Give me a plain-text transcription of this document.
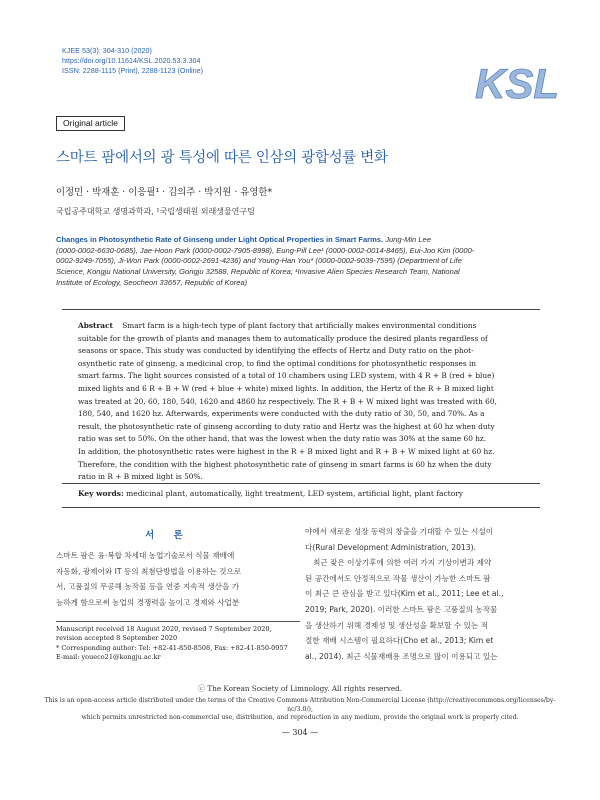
KJEE 53(3): 304-310 (2020)
https://doi.org/10.11614/KSL.2020.53.3.304
ISSN: 2288-1115 (Print), 2288-1123 (Online)	KSL
Original article
스마트 팜에서의 광 특성에 따른 인삼의 광합성률 변화
이정민 · 박재훈 · 이응필¹ · 김의주 · 박지원 · 유영한*
국립공주대학교 생명과학과, ¹국립생태원 외래생물연구팀
Changes in Photosynthetic Rate of Ginseng under Light Optical Properties in Smart Farms. Jung-Min Lee
(0000-0002-6630-0685), Jae-Hoon Park (0000-0002-7905-8998), Eung-Pill Lee¹ (0000-0002-0014-8465), Eui-Joo Kim (0000-
0002-9249-7055), Ji-Won Park (0000-0002-2691-4236) and Young-Han You* (0000-0002-9039-7595) (Department of Life
Science, Kongju National University, Gongju 32588, Republic of Korea; ¹Invasive Alien Species Research Team, National
Institute of Ecology, Seocheon 33657, Republic of Korea)
Abstract Smart farm is a high-tech type of plant factory that artificially makes environmental conditions
suitable for the growth of plants and manages them to automatically produce the desired plants regardless of
seasons or space. This study was conducted by identifying the effects of Hertz and Duty ratio on the phot-
osynthetic rate of ginseng, a medicinal crop, to find the optimal conditions for photosynthetic responses in
smart farms. The light sources consisted of a total of 10 chambers using LED system, with 4 R + B (red + blue)
mixed lights and 6 R + B + W (red + blue + white) mixed lights. In addition, the Hertz of the R + B mixed light
was treated at 20, 60, 180, 540, 1620 and 4860 hz respectively. The R + B + W mixed light was treated with 60,
180, 540, and 1620 hz. Afterwards, experiments were conducted with the duty ratio of 30, 50, and 70%. As a
result, the photosynthetic rate of ginseng according to duty ratio and Hertz was the highest at 60 hz when duty
ratio was set to 50%. On the other hand, that was the lowest when the duty ratio was 30% at the same 60 hz.
In addition, the photosynthetic rates were highest in the R + B mixed light and R + B + W mixed light at 60 hz.
Therefore, the condition with the highest photosynthetic rate of ginseng in smart farms is 60 hz when the duty
ratio in R + B mixed light is 50%.
Key words: medicinal plant, automatically, light treatment, LED system, artificial light, plant factory
서 론
스마트 팜은 융·복합 차세대 농업기술로서 식물 재배에
자동화, 광제어와 IT 등의 최첨단방법을 이용하는 것으로
서, 고품질의 무공해 농작물 등을 연중 지속적 생산을 가
능하게 함으로써 농업의 경쟁력을 높이고 경제와 사업분
야에서 새로운 성장 동력의 창출을 기대할 수 있는 시설이
다(Rural Development Administration, 2013).
최근 잦은 이상기후에 의한 여러 가지 기상이변과 제약
된 공간에서도 안정적으로 작물 생산이 가능한 스마트 팜
이 최근 큰 관심을 받고 있다(Kim et al., 2011; Lee et al.,
2019; Park, 2020). 이러한 스마트 팜은 고품질의 농작물
을 생산하기 위해 경제성 및 생산성을 확보할 수 있는 적
절한 재배 시스템이 필요하다(Cho et al., 2013; Kim et
al., 2014). 최근 식물재배용 조명으로 많이 이용되고 있는
Manuscript received 18 August 2020, revised 7 September 2020,
revision accepted 8 September 2020
* Corresponding author: Tel: +82-41-850-8508, Fax: +82-41-850-0957
E-mail: youeco21@kongju.ac.kr
ⓒ The Korean Society of Limnology. All rights reserved.
This is an open-access article distributed under the terms of the Creative Commons Attribution Non-Commercial License (http://creativecommons.org/licenses/by-nc/3.0/),
which permits unrestricted non-commercial use, distribution, and reproduction in any medium, provide the original work is properly cited.
— 304 —
